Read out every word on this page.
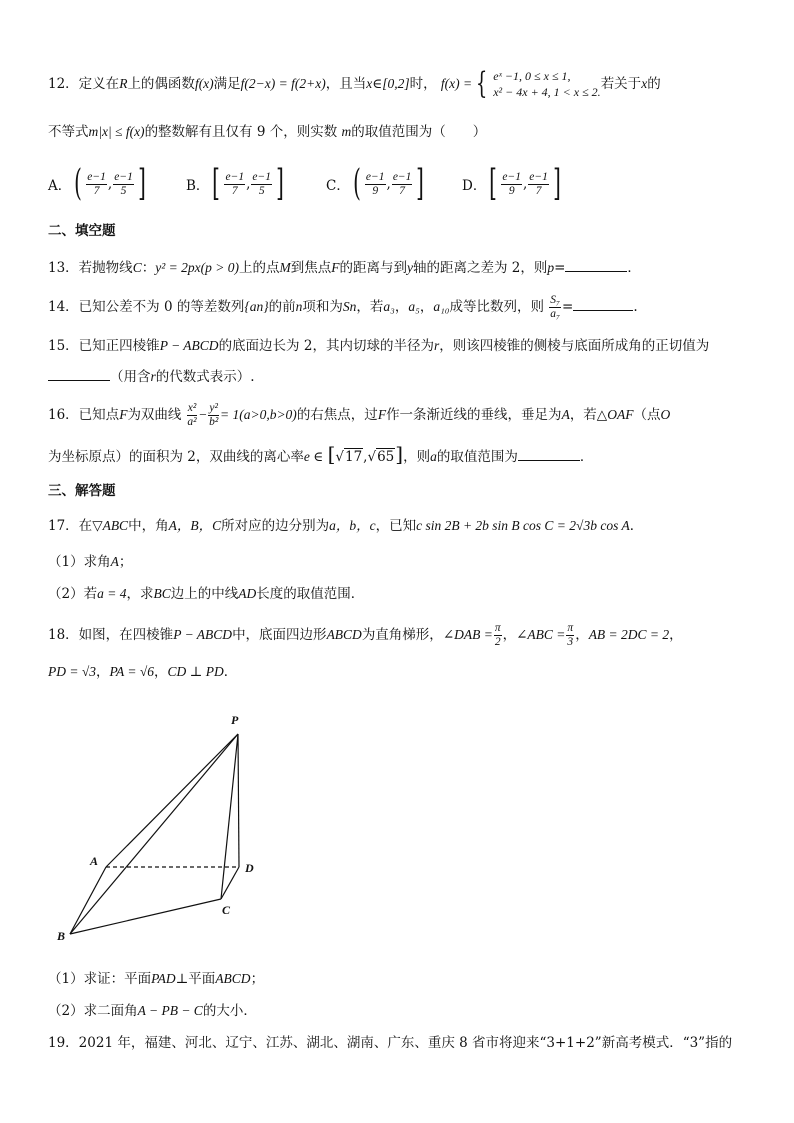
12．定义在R上的偶函数f(x)满足f(2−x) = f(2+x)，且当x∈[0,2]时， f(x) = { eˣ −1, 0 ≤ x ≤ 1,
x² − 4x + 4, 1 < x ≤ 2. 若关于x的
不等式m|x| ≤ f(x)的整数解有且仅有 9 个，则实数 m的取值范围为（　　）
A． ( $\frac{e-1}{7}$ , $\frac{e-1}{5}$ ]	B． [ $\frac{e-1}{7}$ , $\frac{e-1}{5}$ ]	C． ( $\frac{e-1}{9}$ , $\frac{e-1}{7}$ ]	D． [ $\frac{e-1}{9}$ , $\frac{e-1}{7}$ ]
二、填空题
13．若抛物线C：y² = 2px(p > 0)上的点M到焦点F的距离与到y轴的距离之差为 2，则p=	．
14．已知公差不为 0 的等差数列{an}的前n项和为Sn，若a₃，a₅，a₁₀成等比数列，则 $\frac{\text{S₇}}{\text{a₇}}$ =	.
15．已知正四棱锥P − ABCD的底面边长为 2，其内切球的半径为r，则该四棱锥的侧棱与底面所成角的正切值为
（用含r的代数式表示）.
16．已知点F为双曲线 $\frac{\text{x²}}{\text{a²}} - \frac{\text{y²}}{\text{b²}} = 1(a>0,b>0)$的右焦点，过F作一条渐近线的垂线，垂足为A，若△OAF（点O
为坐标原点）的面积为 2，双曲线的离心率e ∈ [√17,√65]，则a的取值范围为	．
三、解答题
17．在▽ABC中，角A，B，C所对应的边分别为a，b，c，已知c sin 2B + 2b sin B cos C = 2√3b cos A．
（1）求角A；
（2）若a = 4，求BC边上的中线AD长度的取值范围．
18．如图，在四棱锥P − ABCD中，底面四边形ABCD为直角梯形，∠DAB = $\frac{\pi}{2}$ ，∠ABC = $\frac{\pi}{3}$ ，AB = 2DC = 2，
PD = √3，PA = √6，CD ⊥ PD．
P
A	D
C
B
（1）求证：平面PAD⊥平面ABCD；
（2）求二面角A − PB − C的大小．
19．2021 年，福建、河北、辽宁、江苏、湖北、湖南、广东、重庆 8 省市将迎来“3+1+2”新高考模式．“3”指的
